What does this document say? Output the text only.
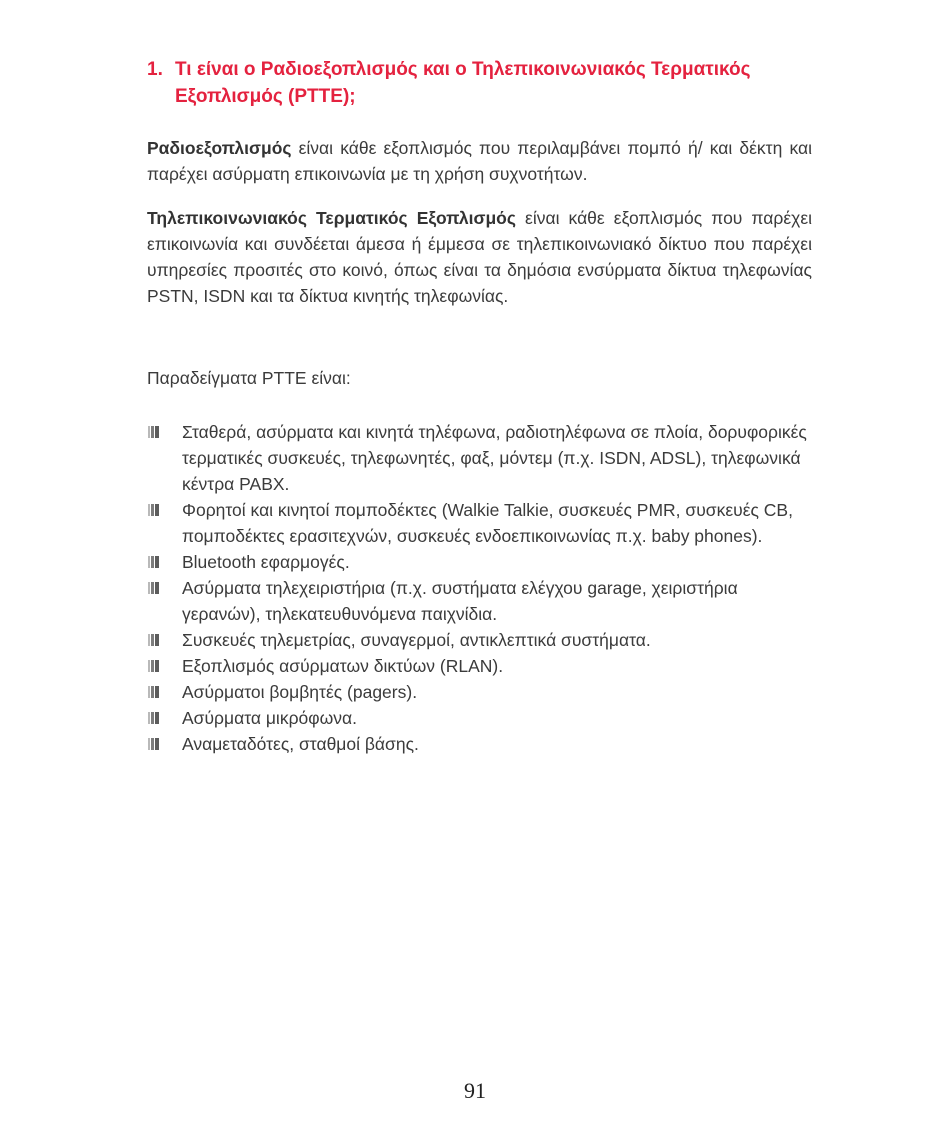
1. Τι είναι ο Ραδιοεξοπλισμός και ο Τηλεπικοινωνιακός Τερματικός Εξοπλισμός (PTTE);

Ραδιοεξοπλισμός είναι κάθε εξοπλισμός που περιλαμβάνει πομπό ή/ και δέκτη και παρέχει ασύρματη επικοινωνία με τη χρήση συχνοτήτων.

Τηλεπικοινωνιακός Τερματικός Εξοπλισμός είναι κάθε εξοπλισμός που παρέχει επικοινωνία και συνδέεται άμεσα ή έμμεσα σε τηλεπικοινωνιακό δίκτυο που παρέχει υπηρεσίες προσιτές στο κοινό, όπως είναι τα δημόσια ενσύρματα δίκτυα τηλεφωνίας PSTN, ISDN και τα δίκτυα κινητής τηλεφωνίας.

Παραδείγματα PTTE είναι:

Σταθερά, ασύρματα και κινητά τηλέφωνα, ραδιοτηλέφωνα σε πλοία, δορυφορικές τερματικές συσκευές, τηλεφωνητές, φαξ, μόντεμ (π.χ. ISDN, ADSL), τηλεφωνικά κέντρα PABX.
Φορητοί και κινητοί πομποδέκτες (Walkie Talkie, συσκευές PMR, συσκευές CB, πομποδέκτες ερασιτεχνών, συσκευές ενδοεπικοινωνίας π.χ. baby phones).
Bluetooth εφαρμογές.
Ασύρματα τηλεχειριστήρια (π.χ. συστήματα ελέγχου garage, χειριστήρια γερανών), τηλεκατευθυνόμενα παιχνίδια.
Συσκευές τηλεμετρίας, συναγερμοί, αντικλεπτικά συστήματα.
Εξοπλισμός ασύρματων δικτύων (RLAN).
Ασύρματοι βομβητές (pagers).
Ασύρματα μικρόφωνα.
Αναμεταδότες, σταθμοί βάσης.
91
